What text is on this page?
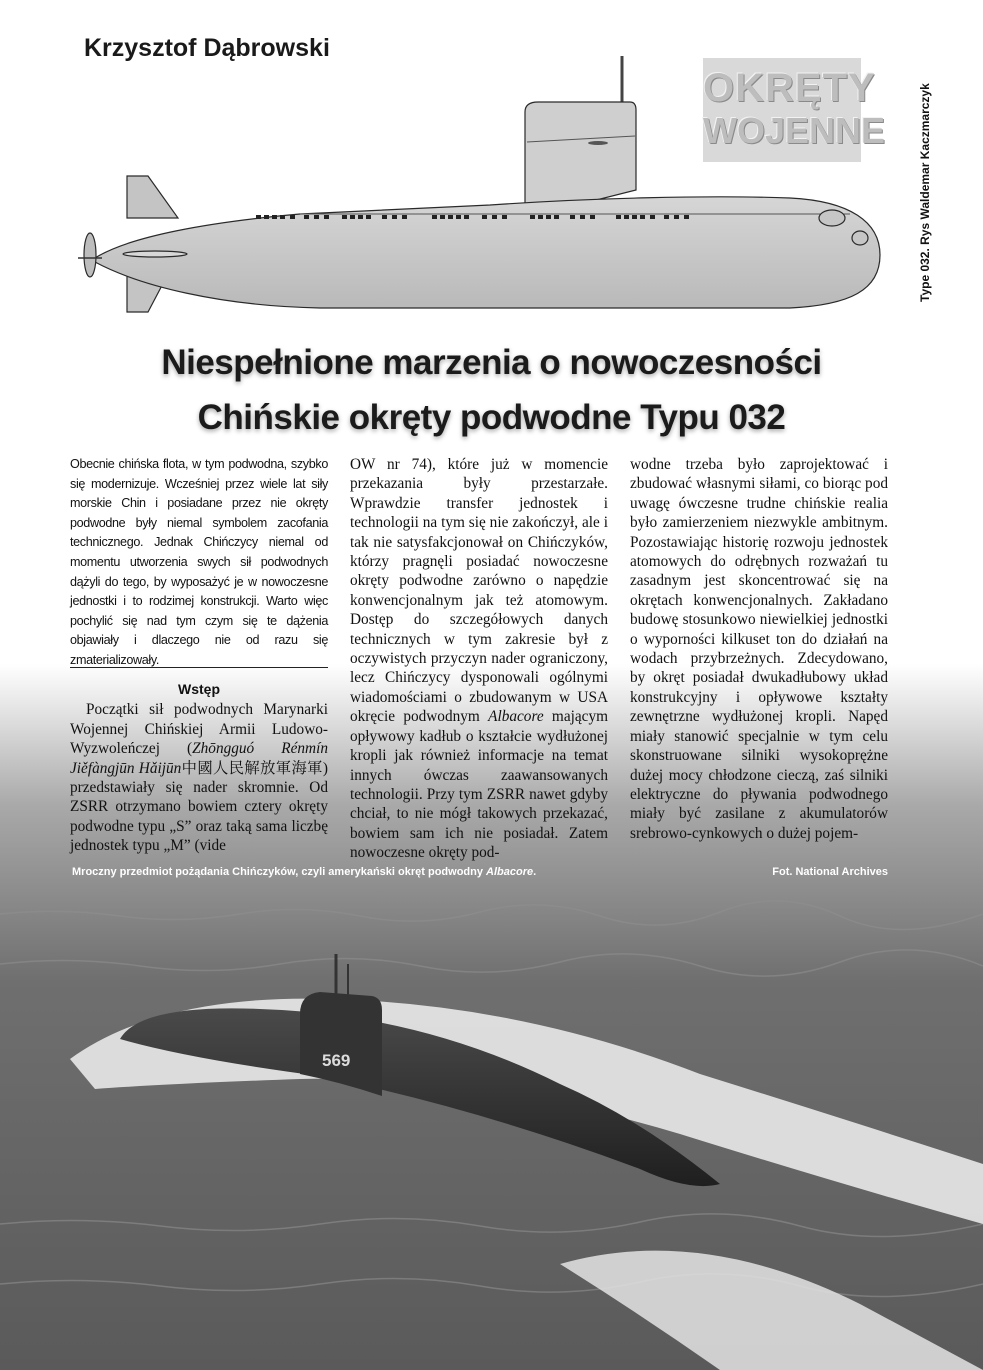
Krzysztof Dąbrowski
OKRĘTY
WOJENNE	Type 032. Rys Waldemar Kaczmarczyk
Niespełnione marzenia o nowoczesności
Chińskie okręty podwodne Typu 032
569
Obecnie chińska flota, w tym podwodna, szybko się modernizuje. Wcześniej przez wiele lat siły morskie Chin i posiadane przez nie okręty podwodne były niemal symbolem zacofania technicznego. Jednak Chińczycy niemal od momentu utworzenia swych sił podwodnych dążyli do tego, by wyposażyć je w nowoczesne jednostki i to rodzimej konstrukcji. Warto więc pochylić się nad tym czym się te dążenia objawiały i dlaczego nie od razu się zmaterializowały.
Wstęp

Początki sił podwodnych Marynarki Wojennej Chińskiej Armii Ludowo-Wyzwoleńczej (Zhōngguó Rénmín Jiěfàngjūn Hǎijūn中國人民解放軍海軍) przedstawiały się nader skromnie. Od ZSRR otrzymano bowiem cztery okręty podwodne typu „S” oraz taką sama liczbę jednostek typu „M” (vide

OW nr 74), które już w momencie przekazania były przestarzałe. Wprawdzie transfer jednostek i technologii na tym się nie zakończył, ale i tak nie satysfakcjonował on Chińczyków, którzy pragnęli posiadać nowoczesne okręty podwodne zarówno o napędzie konwencjonalnym jak też atomowym. Dostęp do szczegółowych danych technicznych w tym zakresie był z oczywistych przyczyn nader ograniczony, lecz Chińczycy dysponowali ogólnymi wiadomościami o zbudowanym w USA okręcie podwodnym Albacore mającym opływowy kadłub o kształcie wydłużonej kropli jak również informacje na temat innych ówczas zaawansowanych technologii. Przy tym ZSRR nawet gdyby chciał, to nie mógł takowych przekazać, bowiem sam ich nie posiadał. Zatem nowoczesne okręty pod-

wodne trzeba było zaprojektować i zbudować własnymi siłami, co biorąc pod uwagę ówczesne trudne chińskie realia było zamierzeniem niezwykle ambitnym. Pozostawiając historię rozwoju jednostek atomowych do odrębnych rozważań tu zasadnym jest skoncentrować się na okrętach konwencjonalnych. Zakładano budowę stosunkowo niewielkiej jednostki o wyporności kilkuset ton do działań na wodach przybrzeżnych. Zdecydowano, by okręt posiadał dwukadłubowy układ konstrukcyjny i opływowe kształty zewnętrzne wydłużonej kropli. Napęd miały stanowić specjalnie w tym celu skonstruowane silniki wysokoprężne dużej mocy chłodzone cieczą, zaś silniki elektryczne do pływania podwodnego miały być zasilane z akumulatorów srebrowo-cynkowych o dużej pojem-

Mroczny przedmiot pożądania Chińczyków, czyli amerykański okręt podwodny Albacore.	Fot. National Archives
